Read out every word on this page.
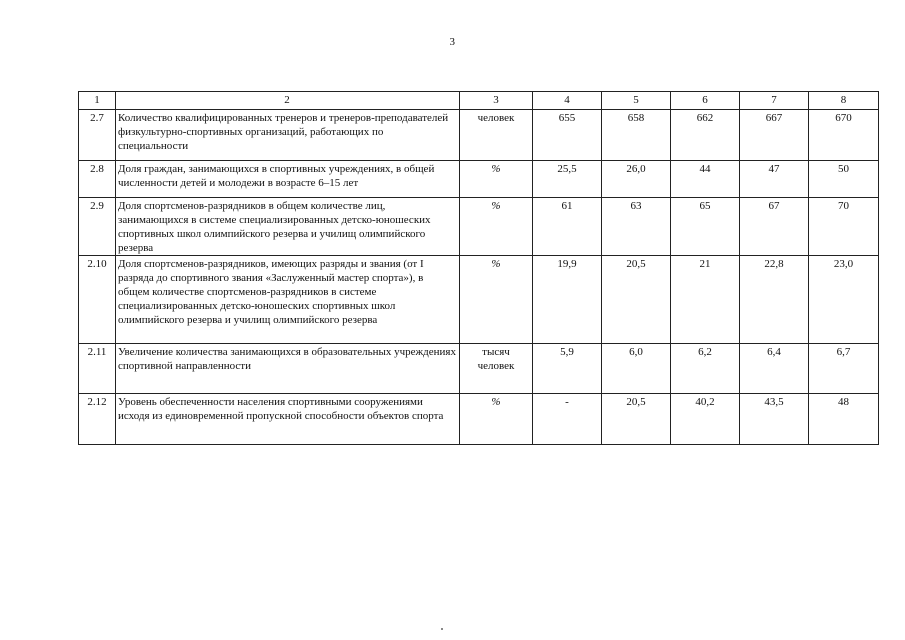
3
1	2	3	4	5	6	7	8
2.7	Количество квалифицированных тренеров и тренеров-преподавателей физкультурно-спортивных организаций, работающих по специальности	человек	655	658	662	667	670
2.8	Доля граждан, занимающихся в спортивных учреждениях, в общей численности детей и молодежи в возрасте 6–15 лет	%	25,5	26,0	44	47	50
2.9	Доля спортсменов-разрядников в общем количестве лиц, занимающихся в системе специализированных детско-юношеских спортивных школ олимпийского резерва и училищ олимпийского резерва	%	61	63	65	67	70
2.10	Доля спортсменов-разрядников, имеющих разряды и звания (от I разряда до спортивного звания «Заслуженный мастер спорта»), в общем количестве спортсменов-разрядников в системе специализированных детско-юношеских спортивных школ олимпийского резерва и училищ олимпийского резерва	%	19,9	20,5	21	22,8	23,0
2.11	Увеличение количества занимающихся в образовательных учреждениях спортивной направленности	тысяч человек	5,9	6,0	6,2	6,4	6,7
2.12	Уровень обеспеченности населения спортивными сооружениями исходя из единовременной пропускной способности объектов спорта	%	-	20,5	40,2	43,5	48
